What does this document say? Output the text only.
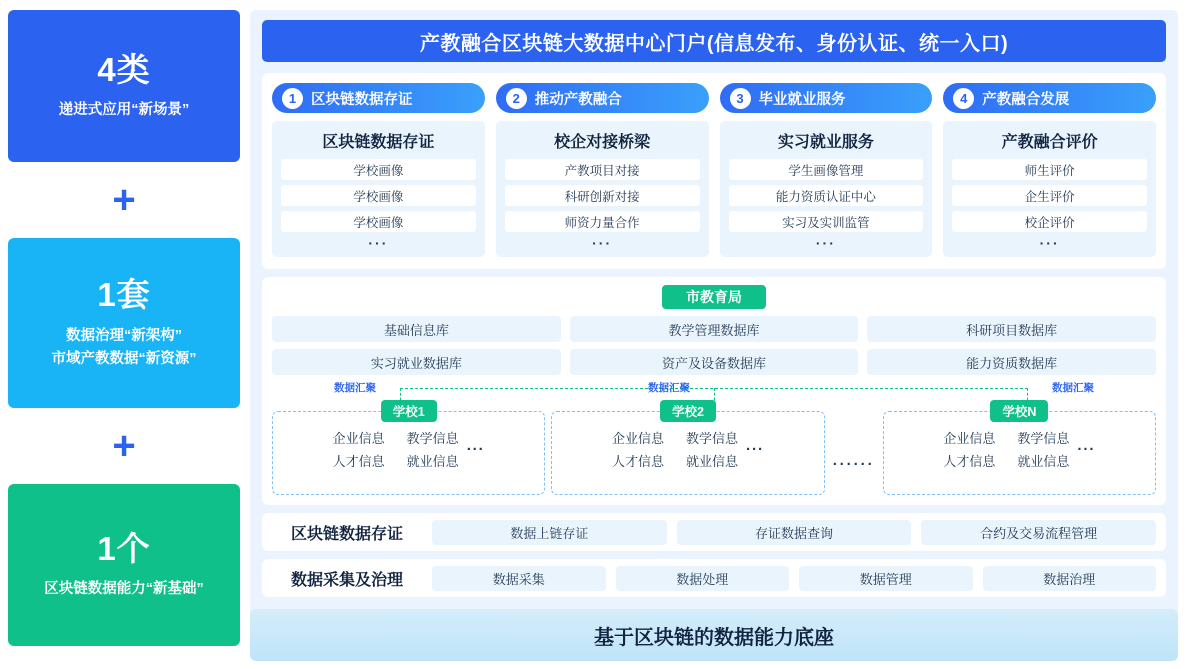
4类
递进式应用“新场景”
+
1套
数据治理“新架构”
市域产教数据“新资源”
+
1个
区块链数据能力“新基础”
产教融合区块链大数据中心门户(信息发布、身份认证、统一入口)
1	区块链数据存证
区块链数据存证
学校画像
学校画像
学校画像
···
2	推动产教融合
校企对接桥梁
产教项目对接
科研创新对接
师资力量合作
···
3	毕业就业服务
实习就业服务
学生画像管理
能力资质认证中心
实习及实训监管
···
4	产教融合发展
产教融合评价
师生评价
企生评价
校企评价
···
市教育局
基础信息库	教学管理数据库	科研项目数据库
实习就业数据库	资产及设备数据库	能力资质数据库
数据汇聚	数据汇聚	数据汇聚
学校1
企业信息 教学信息
人才信息 就业信息
···
学校2
企业信息 教学信息
人才信息 就业信息
···
······
学校N
企业信息 教学信息
人才信息 就业信息
···
区块链数据存证	数据上链存证	存证数据查询	合约及交易流程管理
数据采集及治理	数据采集	数据处理	数据管理	数据治理
基于区块链的数据能力底座
